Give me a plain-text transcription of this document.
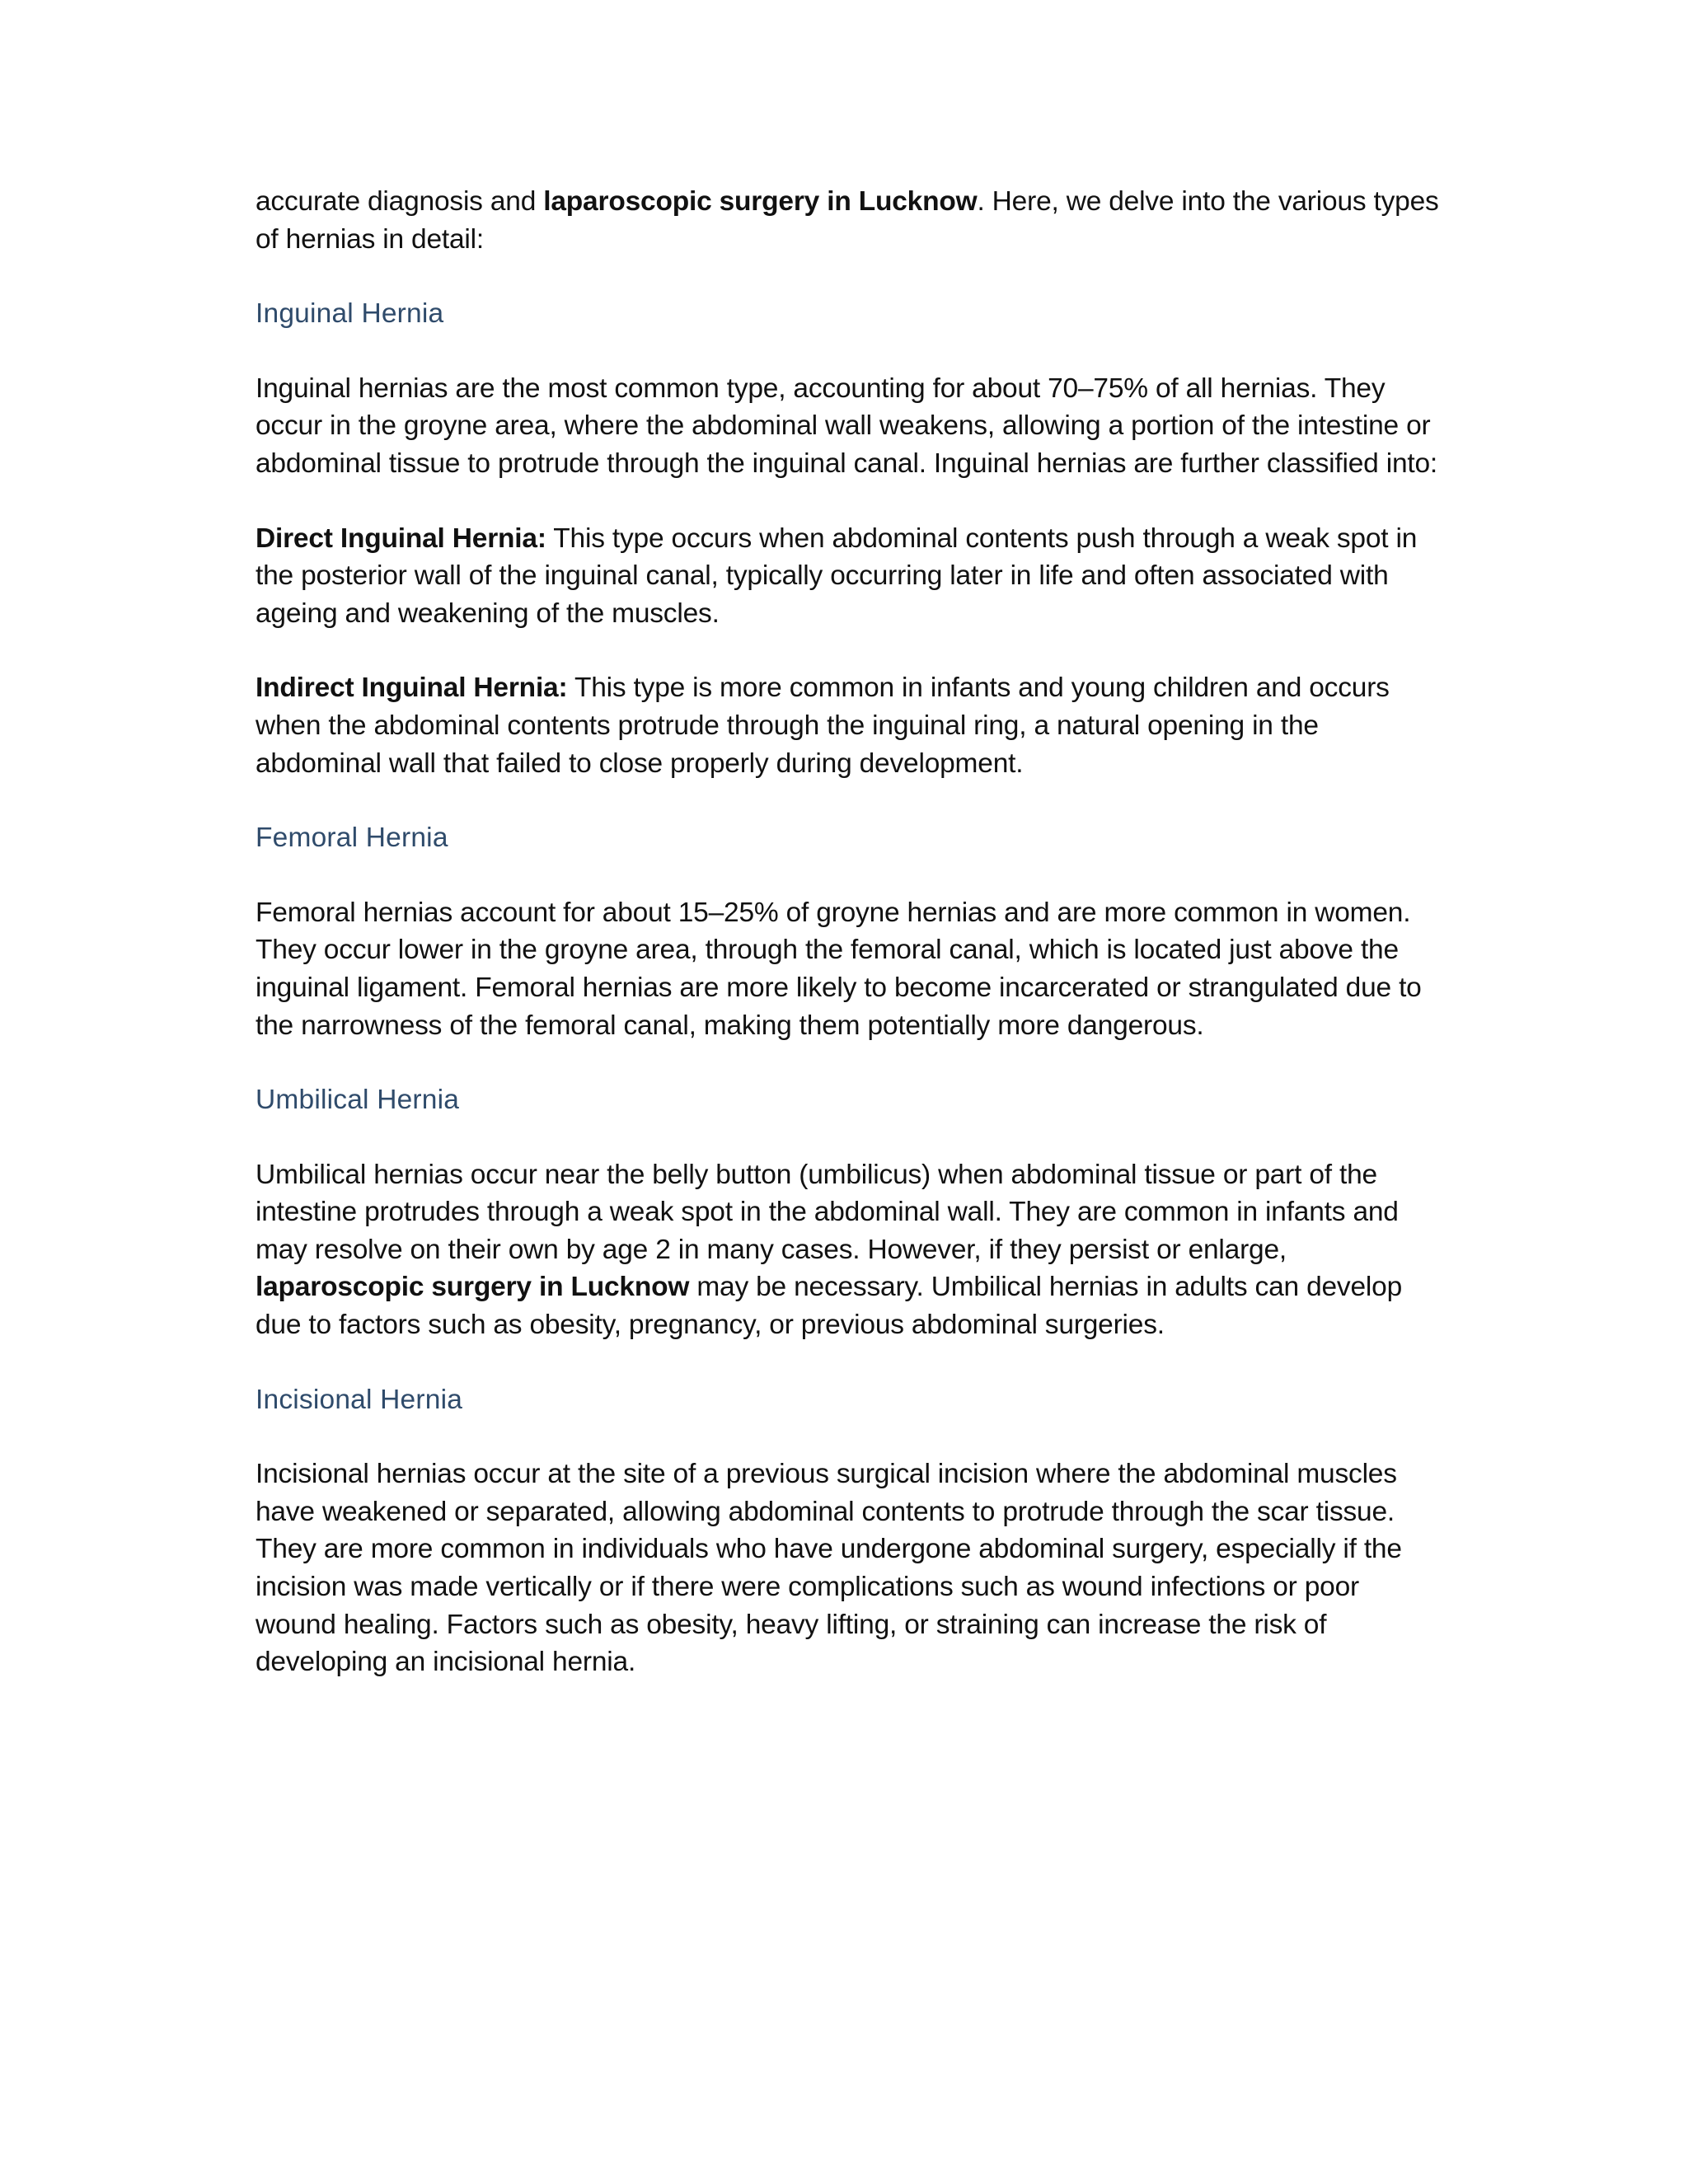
accurate diagnosis and laparoscopic surgery in Lucknow. Here, we delve into the various types of hernias in detail:

Inguinal Hernia

Inguinal hernias are the most common type, accounting for about 70–75% of all hernias. They occur in the groyne area, where the abdominal wall weakens, allowing a portion of the intestine or abdominal tissue to protrude through the inguinal canal. Inguinal hernias are further classified into:

Direct Inguinal Hernia: This type occurs when abdominal contents push through a weak spot in the posterior wall of the inguinal canal, typically occurring later in life and often associated with ageing and weakening of the muscles.

Indirect Inguinal Hernia: This type is more common in infants and young children and occurs when the abdominal contents protrude through the inguinal ring, a natural opening in the abdominal wall that failed to close properly during development.

Femoral Hernia

Femoral hernias account for about 15–25% of groyne hernias and are more common in women. They occur lower in the groyne area, through the femoral canal, which is located just above the inguinal ligament. Femoral hernias are more likely to become incarcerated or strangulated due to the narrowness of the femoral canal, making them potentially more dangerous.

Umbilical Hernia

Umbilical hernias occur near the belly button (umbilicus) when abdominal tissue or part of the intestine protrudes through a weak spot in the abdominal wall. They are common in infants and may resolve on their own by age 2 in many cases. However, if they persist or enlarge, laparoscopic surgery in Lucknow may be necessary. Umbilical hernias in adults can develop due to factors such as obesity, pregnancy, or previous abdominal surgeries.

Incisional Hernia

Incisional hernias occur at the site of a previous surgical incision where the abdominal muscles have weakened or separated, allowing abdominal contents to protrude through the scar tissue. They are more common in individuals who have undergone abdominal surgery, especially if the incision was made vertically or if there were complications such as wound infections or poor wound healing. Factors such as obesity, heavy lifting, or straining can increase the risk of developing an incisional hernia.
